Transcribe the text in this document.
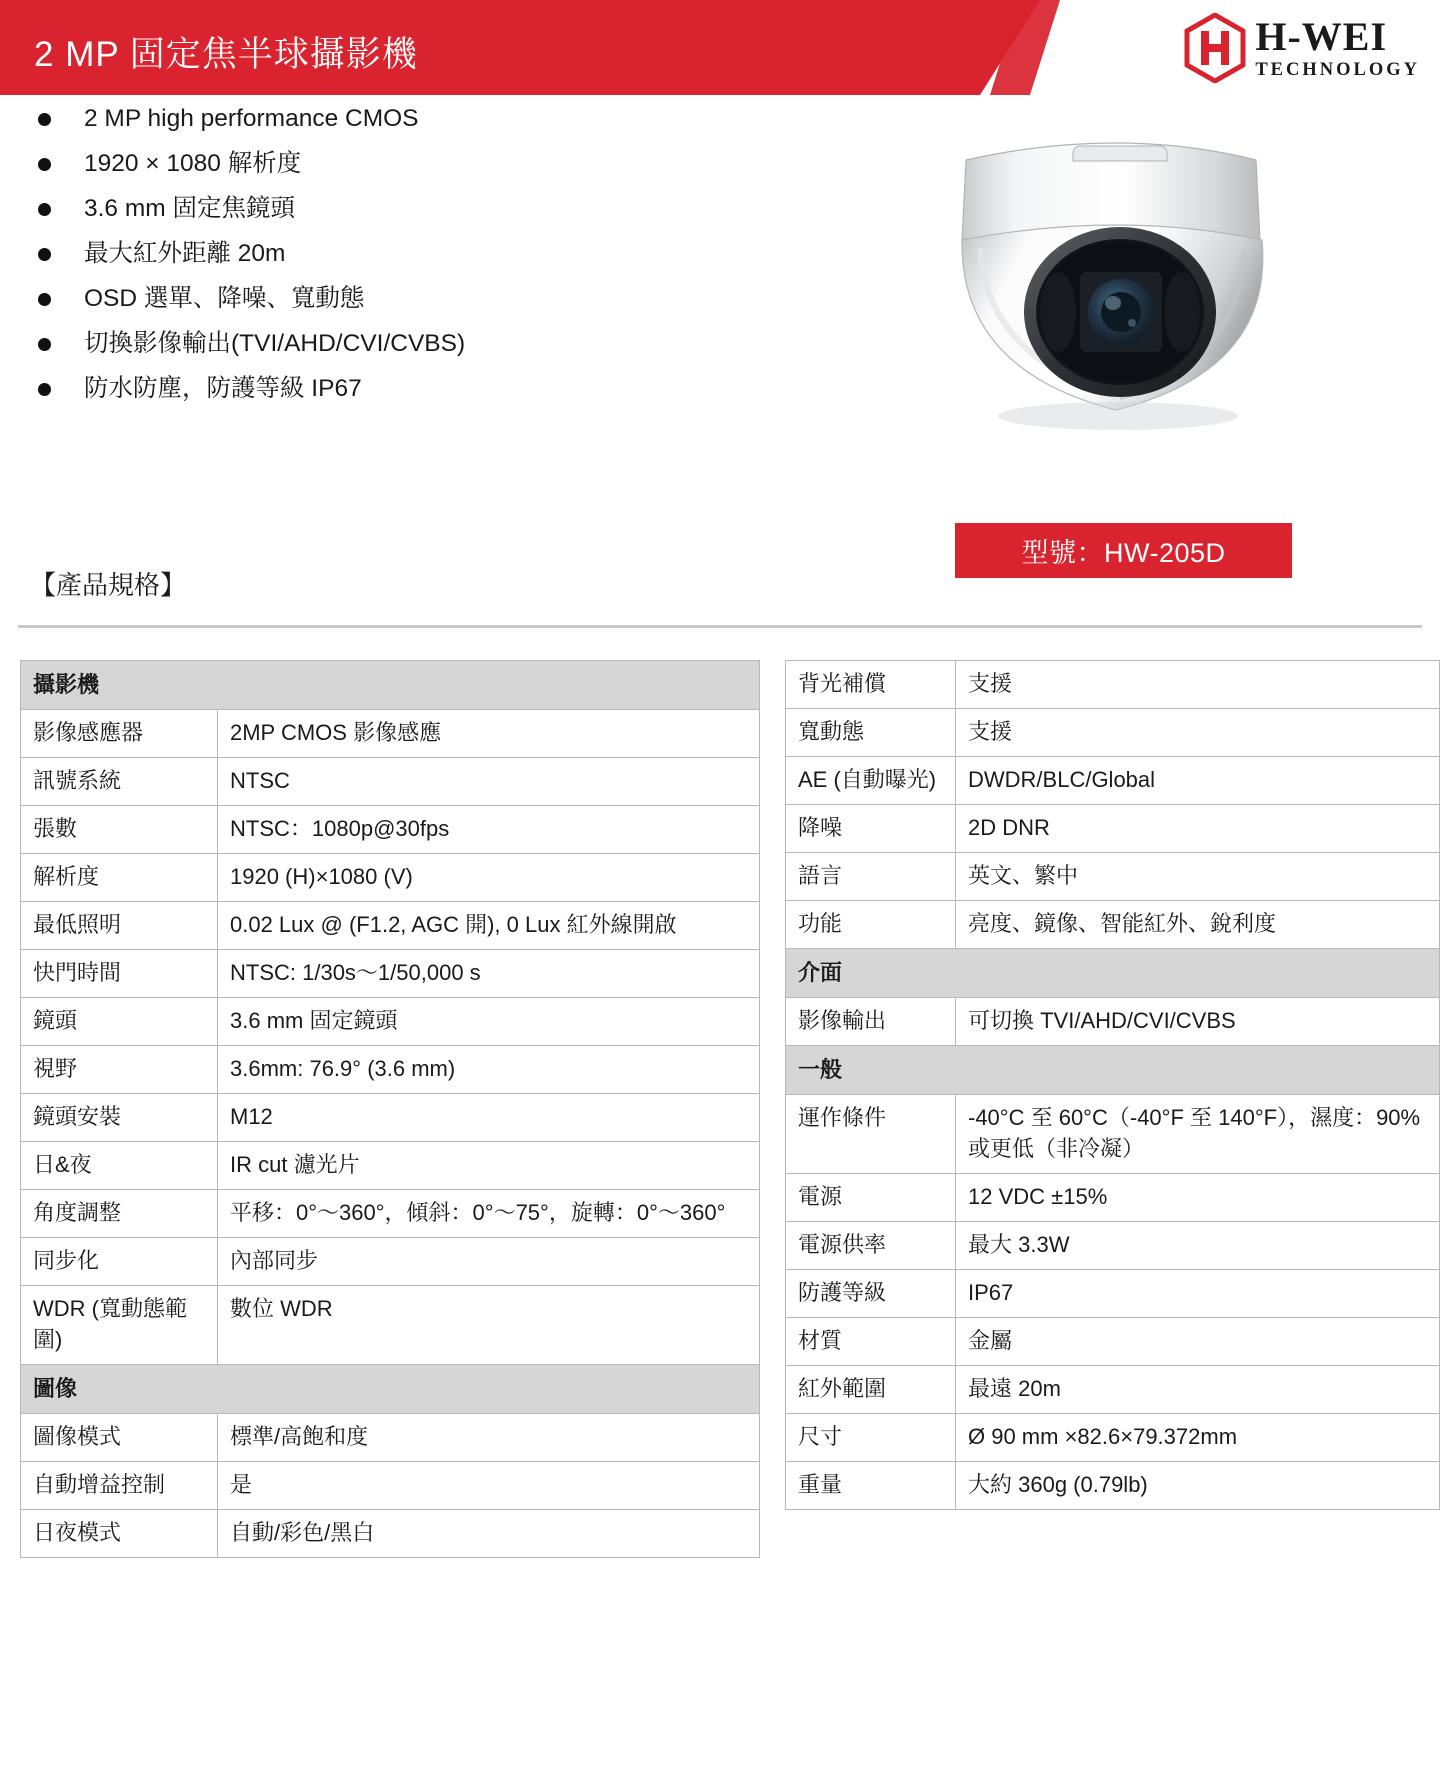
2 MP 固定焦半球攝影機	H-WEI
TECHNOLOGY
2 MP high performance CMOS
1920 × 1080 解析度
3.6 mm 固定焦鏡頭
最大紅外距離 20m
OSD 選單、降噪、寬動態
切換影像輸出(TVI/AHD/CVI/CVBS)
防水防塵，防護等級 IP67
型號：HW-205D
【產品規格】
攝影機	
影像感應器	2MP CMOS 影像感應
訊號系統	NTSC
張數	NTSC：1080p@30fps
解析度	1920 (H)×1080 (V)
最低照明	0.02 Lux @ (F1.2, AGC 開), 0 Lux 紅外線開啟
快門時間	NTSC: 1/30s～1/50,000 s
鏡頭	3.6 mm 固定鏡頭
視野	3.6mm: 76.9° (3.6 mm)
鏡頭安裝	M12
日&夜	IR cut 濾光片
角度調整	平移：0°～360°，傾斜：0°～75°，旋轉：0°～360°
同步化	內部同步
WDR (寬動態範圍)	數位 WDR
圖像	
圖像模式	標準/高飽和度
自動增益控制	是
日夜模式	自動/彩色/黑白
背光補償	支援
寬動態	支援
AE (自動曝光)	DWDR/BLC/Global
降噪	2D DNR
語言	英文、繁中
功能	亮度、鏡像、智能紅外、銳利度
介面	
影像輸出	可切換 TVI/AHD/CVI/CVBS
一般	
運作條件	-40°C 至 60°C（-40°F 至 140°F），濕度：90% 或更低（非冷凝）
電源	12 VDC ±15%
電源供率	最大 3.3W
防護等級	IP67
材質	金屬
紅外範圍	最遠 20m
尺寸	Ø 90 mm ×82.6×79.372mm
重量	大約 360g (0.79lb)
